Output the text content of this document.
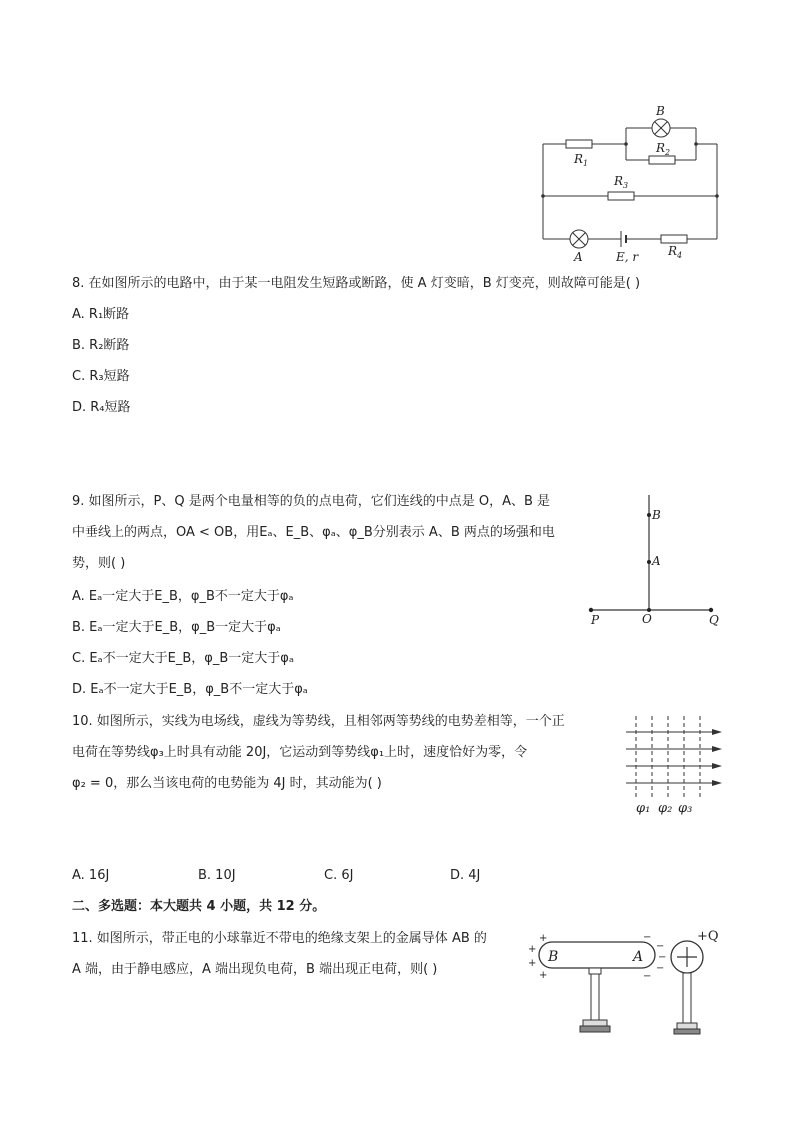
B
$R_1$
$R_2$
$R_3$
A	E, r $R_4$
8. 在如图所示的电路中，由于某一电阻发生短路或断路，使 A 灯变暗，B 灯变亮，则故障可能是( )
A. R₁断路
B. R₂断路
C. R₃短路
D. R₄短路
9. 如图所示，P、Q 是两个电量相等的负的点电荷，它们连线的中点是 O，A、B 是
中垂线上的两点，OA < OB，用Eₐ、E_B、φₐ、φ_B分别表示 A、B 两点的场强和电
势，则( )
A. Eₐ一定大于E_B，φ_B不一定大于φₐ
B. Eₐ一定大于E_B，φ_B一定大于φₐ
C. Eₐ不一定大于E_B，φ_B一定大于φₐ
D. Eₐ不一定大于E_B，φ_B不一定大于φₐ
B
A
P	O	Q
10. 如图所示，实线为电场线，虚线为等势线，且相邻两等势线的电势差相等，一个正
电荷在等势线φ₃上时具有动能 20J，它运动到等势线φ₁上时，速度恰好为零，令
φ₂ = 0，那么当该电荷的电势能为 4J 时，其动能为( )
φ₁ φ₂ φ₃
A. 16J	B. 10J	C. 6J	D. 4J
二、多选题：本大题共 4 小题，共 12 分。
11. 如图所示，带正电的小球靠近不带电的绝缘支架上的金属导体 AB 的
A 端，由于静电感应，A 端出现负电荷，B 端出现正电荷，则( )
B	A
+
+
+
+
−
−
−
−
−
+Q
